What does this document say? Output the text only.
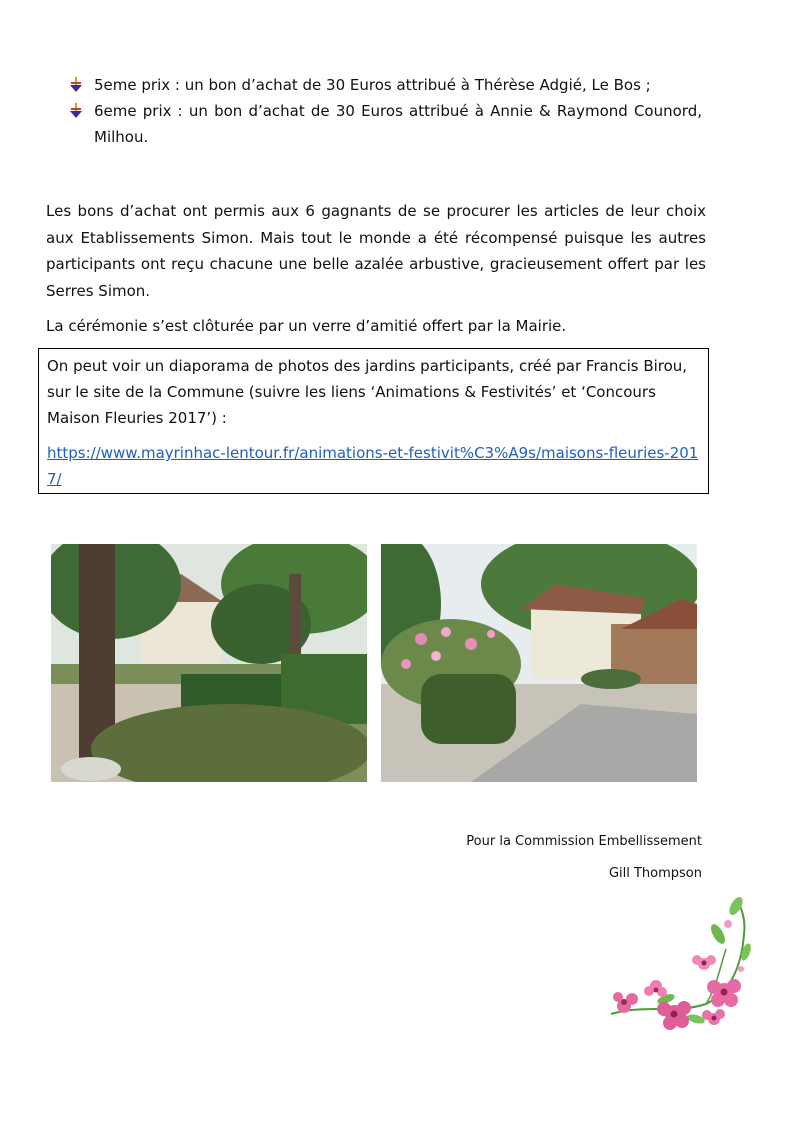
5eme prix : un bon d’achat de 30 Euros attribué à Thérèse Adgié, Le Bos ;
6eme prix : un bon d’achat de 30 Euros attribué à Annie & Raymond Counord, Milhou.

Les bons d’achat ont permis aux 6 gagnants de se procurer les articles de leur choix aux Etablissements Simon. Mais tout le monde a été récompensé puisque les autres participants ont reçu chacune une belle azalée arbustive, gracieusement offert par les Serres Simon.

La cérémonie s’est clôturée par un verre d’amitié offert par la Mairie.

On peut voir un diaporama de photos des jardins participants, créé par Francis Birou, sur le site de la Commune (suivre les liens ‘Animations & Festivités’ et ‘Concours Maison Fleuries 2017’) :

https://www.mayrinhac-lentour.fr/animations-et-festivit%C3%A9s/maisons-fleuries-2017/

Pour la Commission Embellissement

Gill Thompson
